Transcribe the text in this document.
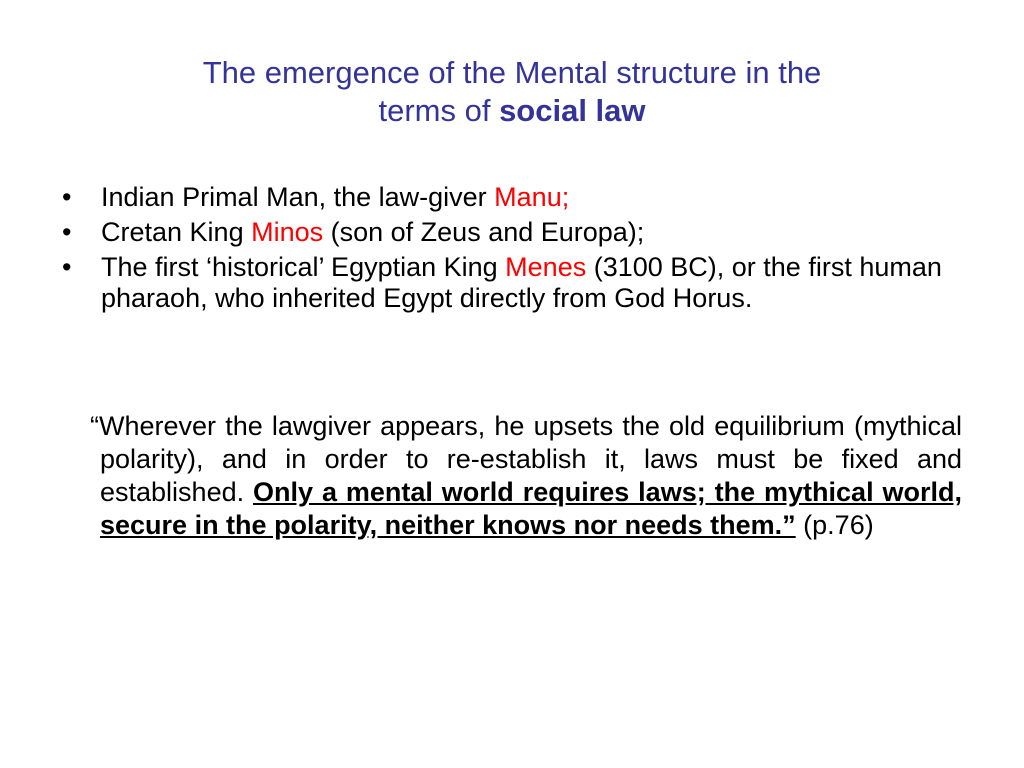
The emergence of the Mental structure in the
terms of social law
• Indian Primal Man, the law-giver Manu;
• Cretan King Minos (son of Zeus and Europa);
• The first ‘historical’ Egyptian King Menes (3100 BC), or the first human pharaoh, who inherited Egypt directly from God Horus.
“Wherever the lawgiver appears, he upsets the old equilibrium (mythical polarity), and in order to re-establish it, laws must be fixed and established. Only a mental world requires laws; the mythical world, secure in the polarity, neither knows nor needs them.” (p.76)
